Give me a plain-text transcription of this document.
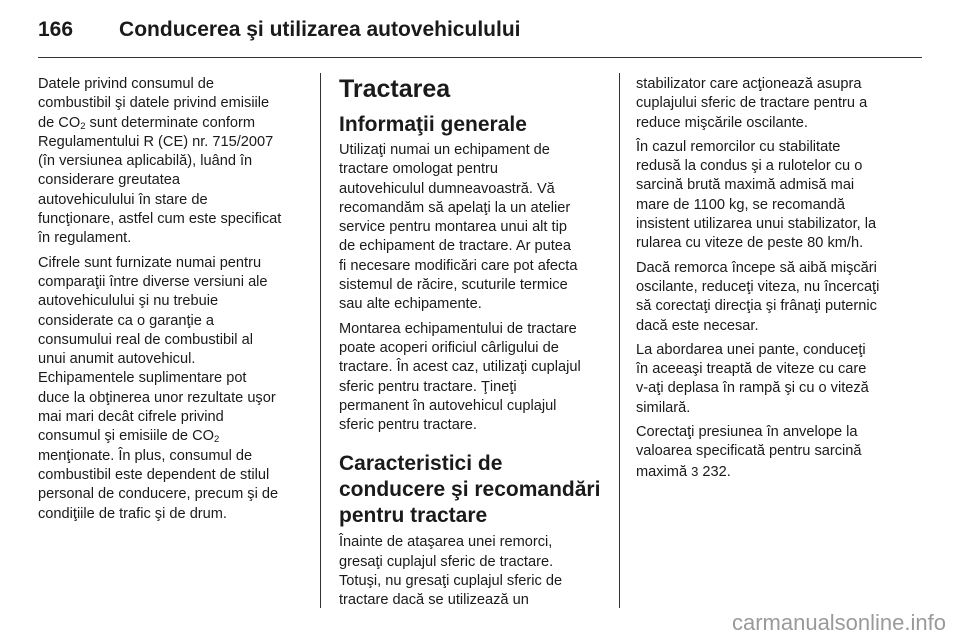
166 Conducerea şi utilizarea autovehiculului

Datele privind consumul de
combustibil şi datele privind emisiile
de $CO_2$ sunt determinate conform
Regulamentului R (CE) nr. 715/2007
(în versiunea aplicabilă), luând în
considerare greutatea
autovehiculului în stare de
funcţionare, astfel cum este specificat
în regulament.

Cifrele sunt furnizate numai pentru
comparaţii între diverse versiuni ale
autovehiculului şi nu trebuie
considerate ca o garanţie a
consumului real de combustibil al
unui anumit autovehicul.
Echipamentele suplimentare pot
duce la obţinerea unor rezultate uşor
mai mari decât cifrele privind
consumul şi emisiile de $CO_2$
menţionate. În plus, consumul de
combustibil este dependent de stilul
personal de conducere, precum şi de
condiţiile de trafic şi de drum.

Tractarea
Informaţii generale

Utilizaţi numai un echipament de
tractare omologat pentru
autovehiculul dumneavoastră. Vă
recomandăm să apelaţi la un atelier
service pentru montarea unui alt tip
de echipament de tractare. Ar putea
fi necesare modificări care pot afecta
sistemul de răcire, scuturile termice
sau alte echipamente.

Montarea echipamentului de tractare
poate acoperi orificiul cârligului de
tractare. În acest caz, utilizaţi cuplajul
sferic pentru tractare. Ţineţi
permanent în autovehicul cuplajul
sferic pentru tractare.

Caracteristici de
conducere şi recomandări
pentru tractare

Înainte de ataşarea unei remorci,
gresaţi cuplajul sferic de tractare.
Totuşi, nu gresaţi cuplajul sferic de
tractare dacă se utilizează un

stabilizator care acţionează asupra
cuplajului sferic de tractare pentru a
reduce mişcările oscilante.

În cazul remorcilor cu stabilitate
redusă la condus şi a rulotelor cu o
sarcină brută maximă admisă mai
mare de 1100 kg, se recomandă
insistent utilizarea unui stabilizator, la
rularea cu viteze de peste 80 km/h.

Dacă remorca începe să aibă mişcări
oscilante, reduceţi viteza, nu încercaţi
să corectaţi direcţia şi frânaţi puternic
dacă este necesar.

La abordarea unei pante, conduceţi
în aceeaşi treaptă de viteze cu care
v-aţi deplasa în rampă şi cu o viteză
similară.

Corectaţi presiunea în anvelope la
valoarea specificată pentru sarcină
maximă 3 232.

carmanualsonline.info
